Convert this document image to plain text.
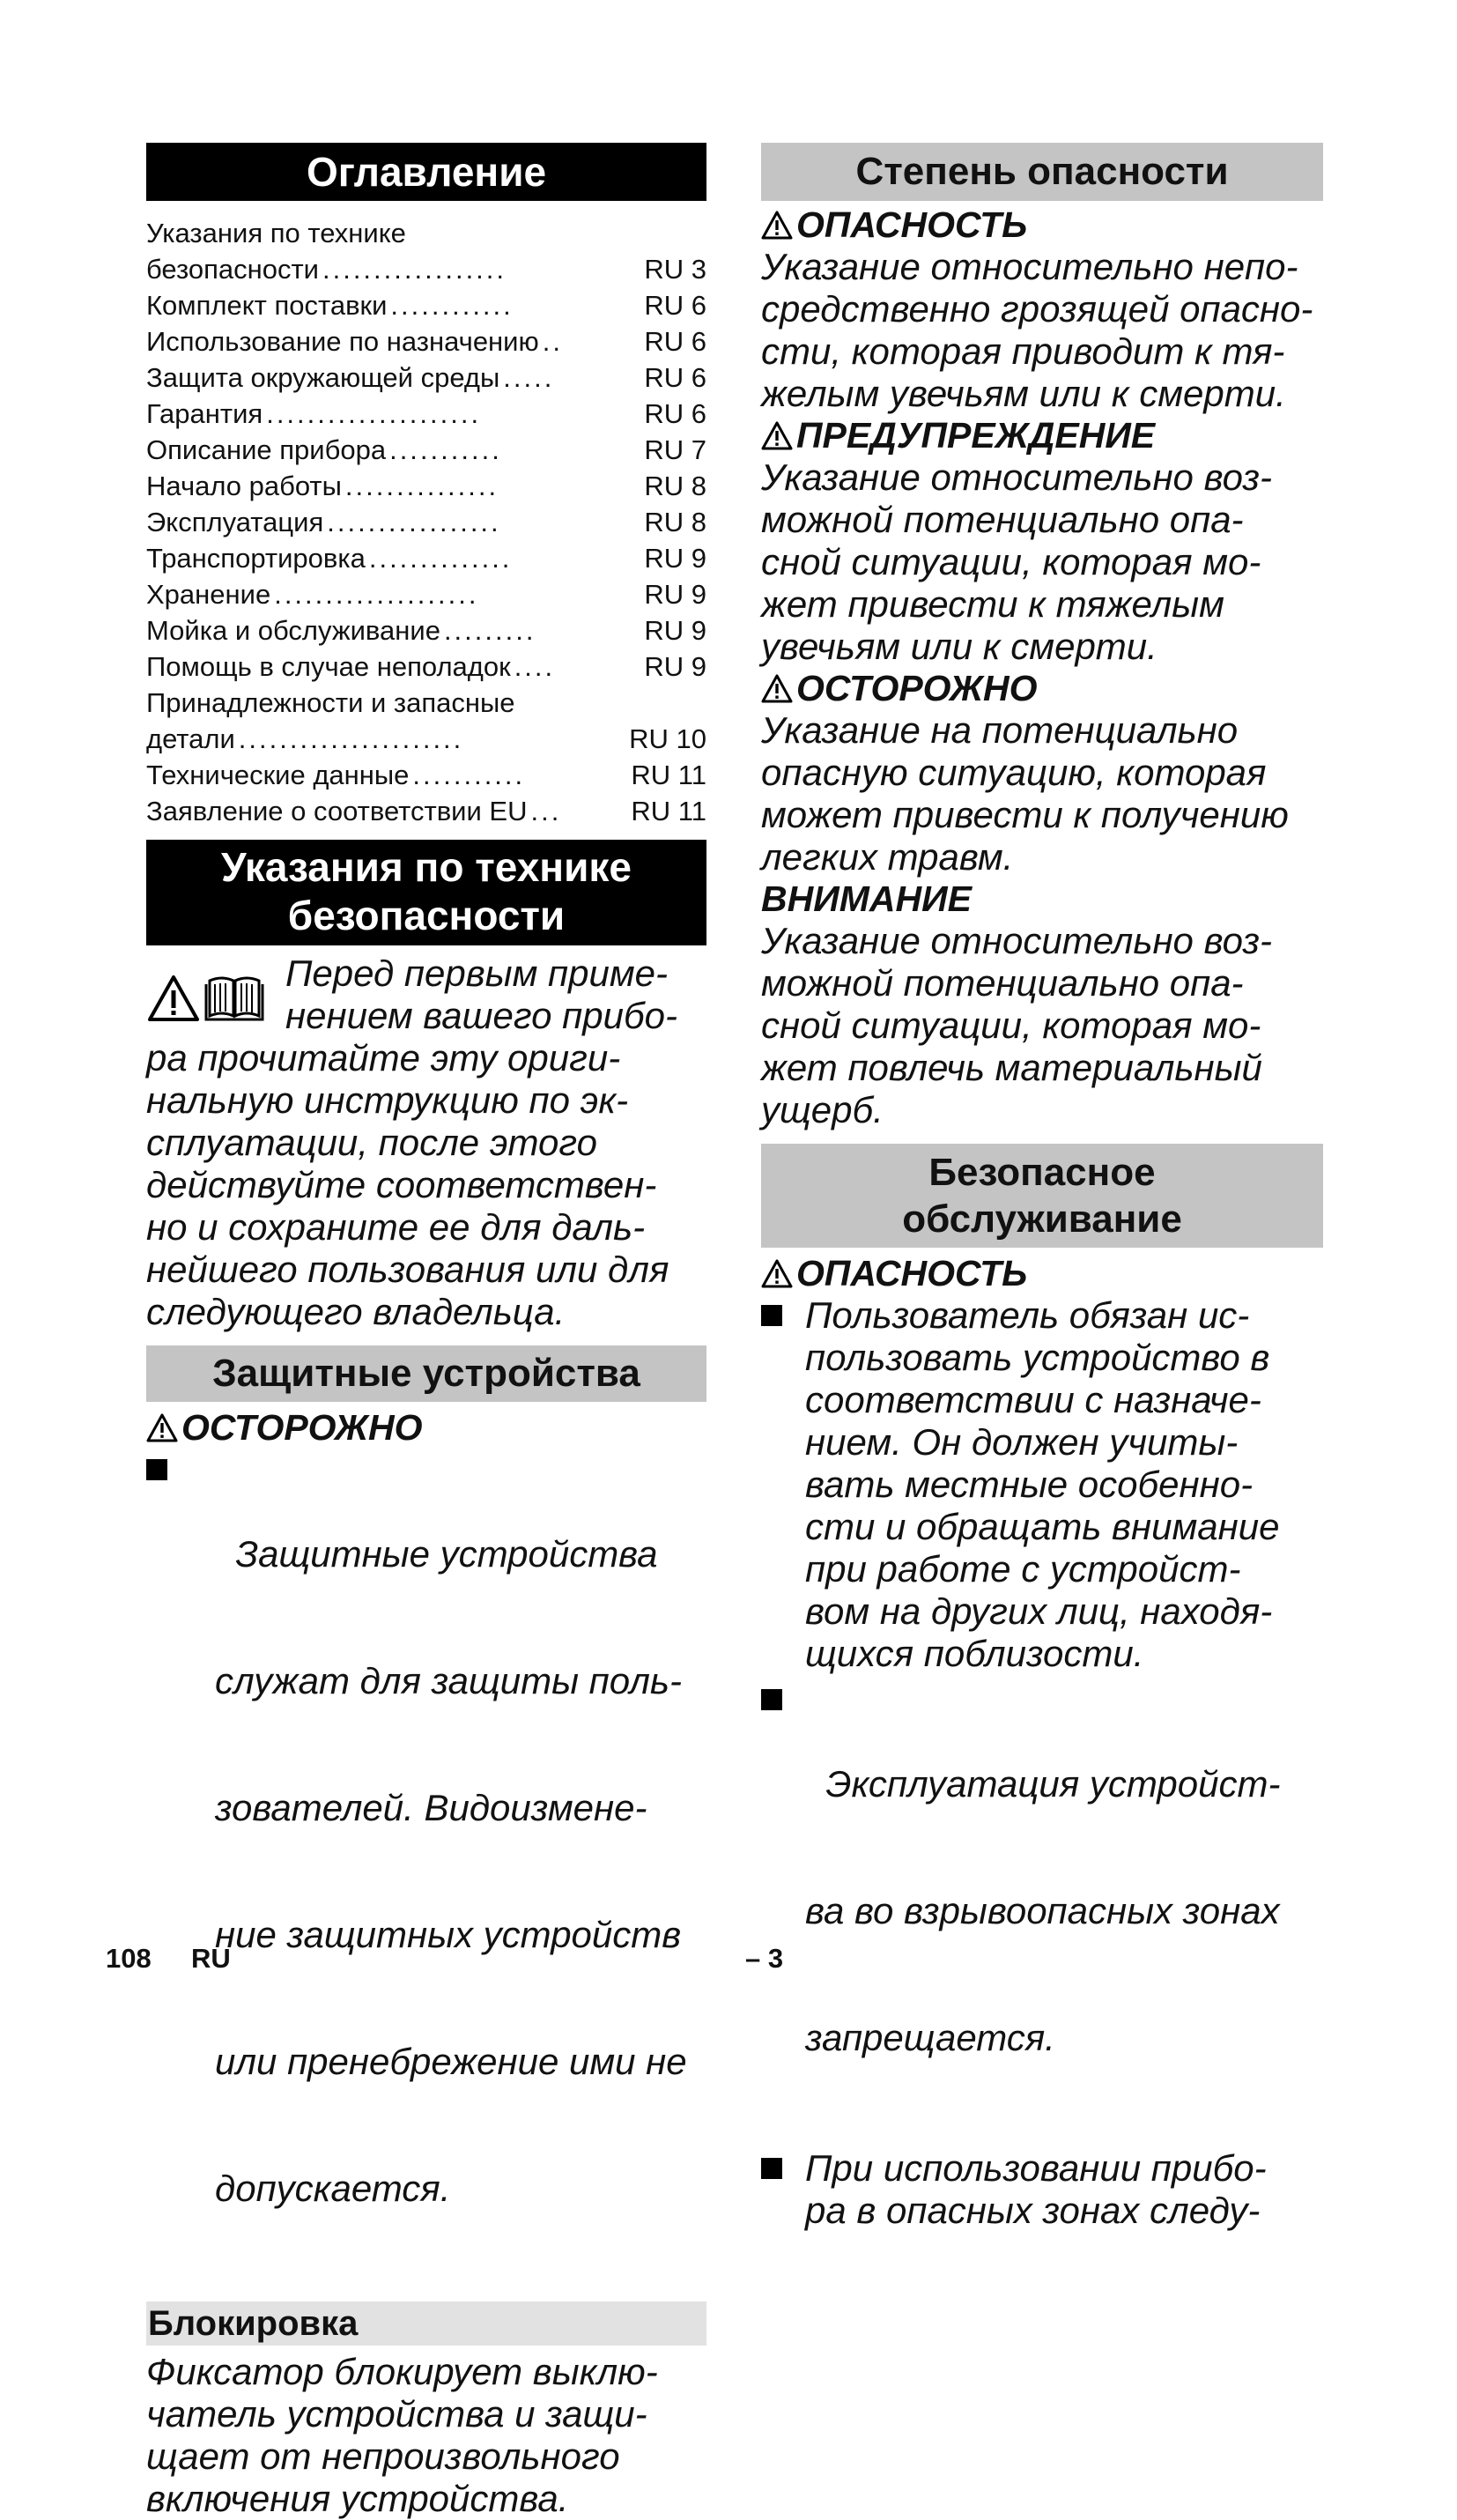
Оглавление
Указания по технике
безопасности ..................	RU 3
Комплект поставки ............	RU 6
Использование по назначению ..	RU 6
Защита окружающей среды .....	RU 6
Гарантия .....................	RU 6
Описание прибора ...........	RU 7
Начало работы ...............	RU 8
Эксплуатация .................	RU 8
Транспортировка ..............	RU 9
Хранение ....................	RU 9
Мойка и обслуживание .........	RU 9
Помощь в случае неполадок ....	RU 9
Принадлежности и запасные
детали ......................	RU 10
Технические данные ...........	RU 11
Заявление о соответствии EU ...	RU 11
Указания по технике
безопасности
Перед первым приме-
нением вашего прибо-
ра прочитайте эту ориги-
нальную инструкцию по эк-
сплуатации, после этого
действуйте соответствен-
но и сохраните ее для даль-
нейшего пользования или для
следующего владельца.
Защитные устройства
ОСТОРОЖНО

Защитные устройства

служат для защиты поль-

зователей. Видоизмене-

ние защитных устройств

или пренебрежение ими не

допускается.

Блокировка
Фиксатор блокирует выклю-
чатель устройства и защи-
щает от непроизвольного
включения устройства.
Степень опасности
ОПАСНОСТЬ
Указание относительно непо-
средственно грозящей опасно-
сти, которая приводит к тя-
желым увечьям или к смерти.
ПРЕДУПРЕЖДЕНИЕ
Указание относительно воз-
можной потенциально опа-
сной ситуации, которая мо-
жет привести к тяжелым
увечьям или к смерти.
ОСТОРОЖНО
Указание на потенциально
опасную ситуацию, которая
может привести к получению
легких травм.
ВНИМАНИЕ
Указание относительно воз-
можной потенциально опа-
сной ситуации, которая мо-
жет повлечь материальный
ущерб.
Безопасное
обслуживание
ОПАСНОСТЬ
Пользователь обязан ис-
пользовать устройство в
соответствии с назначе-
нием. Он должен учиты-
вать местные особенно-
сти и обращать внимание
при работе с устройст-
вом на других лиц, находя-
щихся поблизости.

Эксплуатация устройст-

ва во взрывоопасных зонах

запрещается.

При использовании прибо-
ра в опасных зонах следу-
108 RU	– 3
